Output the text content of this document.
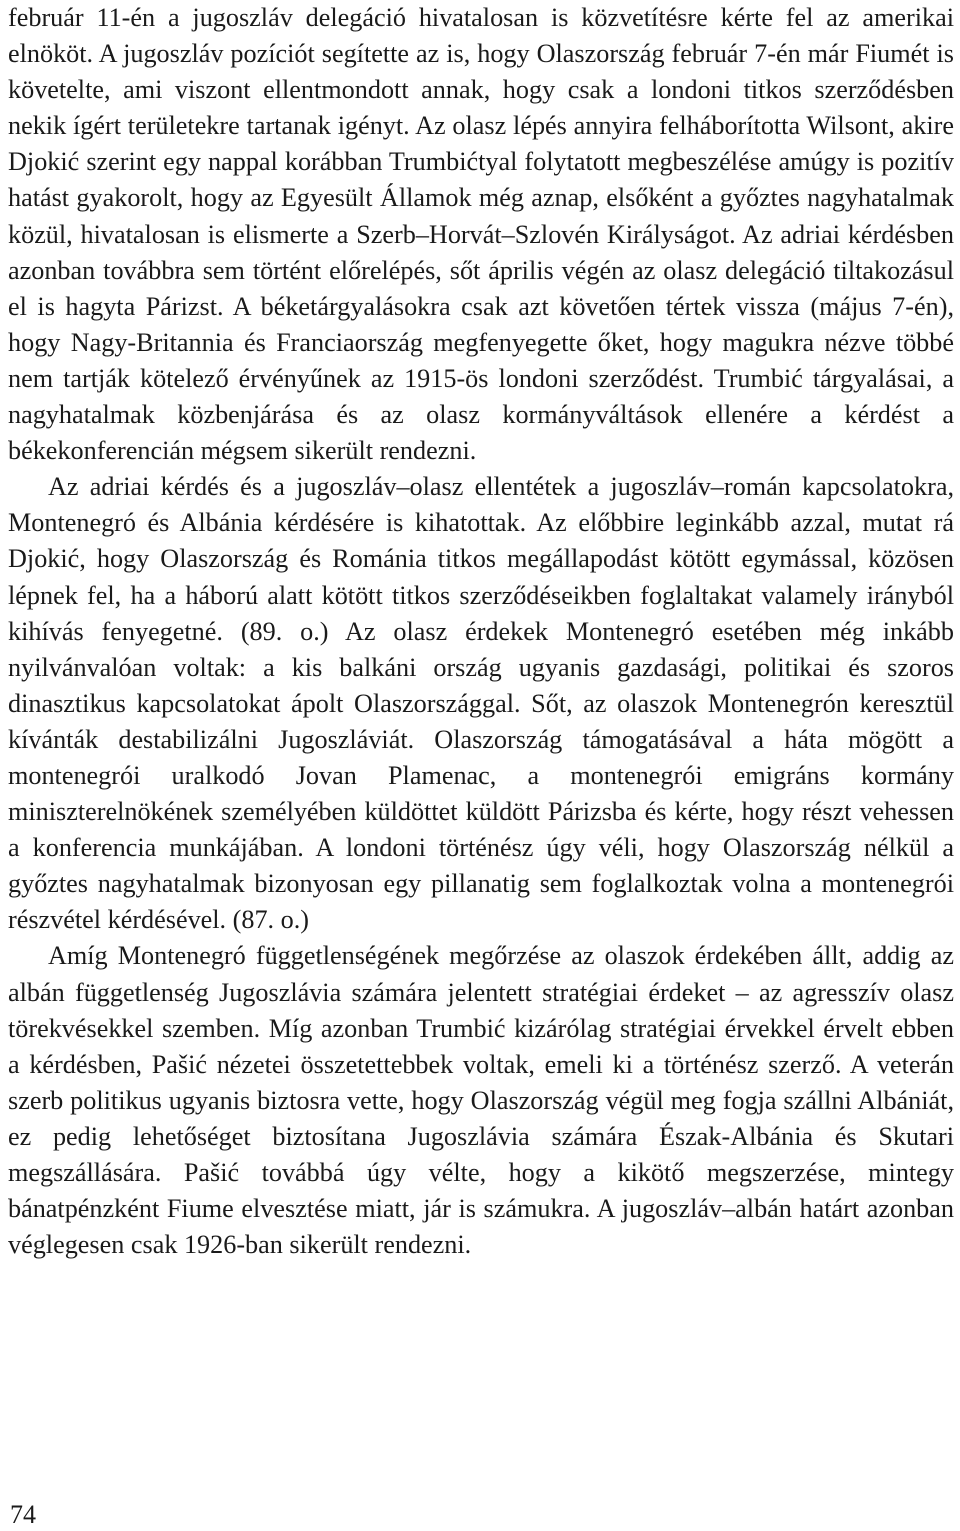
február 11-én a jugoszláv delegáció hivatalosan is közvetítésre kérte fel az amerikai elnököt. A jugoszláv pozíciót segítette az is, hogy Olaszország február 7-én már Fiumét is követelte, ami viszont ellentmondott annak, hogy csak a londoni titkos szerződésben nekik ígért területekre tartanak igényt. Az olasz lépés annyira felháborította Wilsont, akire Djokić szerint egy nappal korábban Trumbićtyal folytatott megbeszélése amúgy is pozitív hatást gyakorolt, hogy az Egyesült Államok még aznap, elsőként a győztes nagyhatalmak közül, hivatalosan is elismerte a Szerb–Horvát–Szlovén Királyságot. Az adriai kérdésben azonban továbbra sem történt előrelépés, sőt április végén az olasz delegáció tiltakozásul el is hagyta Párizst. A béketárgyalásokra csak azt követően tértek vissza (május 7-én), hogy Nagy-Britannia és Franciaország megfenyegette őket, hogy magukra nézve többé nem tartják kötelező érvényűnek az 1915-ös londoni szerződést. Trumbić tárgyalásai, a nagyhatalmak közbenjárása és az olasz kormányváltások ellenére a kérdést a békekonferencián mégsem sikerült rendezni.

Az adriai kérdés és a jugoszláv–olasz ellentétek a jugoszláv–román kapcsolatokra, Montenegró és Albánia kérdésére is kihatottak. Az előbbire leginkább azzal, mutat rá Djokić, hogy Olaszország és Románia titkos megállapodást kötött egymással, közösen lépnek fel, ha a háború alatt kötött titkos szerződéseikben foglaltakat valamely irányból kihívás fenyegetné. (89. o.) Az olasz érdekek Montenegró esetében még inkább nyilvánvalóan voltak: a kis balkáni ország ugyanis gazdasági, politikai és szoros dinasztikus kapcsolatokat ápolt Olaszországgal. Sőt, az olaszok Montenegrón keresztül kívánták destabilizálni Jugoszláviát. Olaszország támogatásával a háta mögött a montenegrói uralkodó Jovan Plamenac, a montenegrói emigráns kormány miniszterelnökének személyében küldöttet küldött Párizsba és kérte, hogy részt vehessen a konferencia munkájában. A londoni történész úgy véli, hogy Olaszország nélkül a győztes nagyhatalmak bizonyosan egy pillanatig sem foglalkoztak volna a montenegrói részvétel kérdésével. (87. o.)

Amíg Montenegró függetlenségének megőrzése az olaszok érdekében állt, addig az albán függetlenség Jugoszlávia számára jelentett stratégiai érdeket – az agresszív olasz törekvésekkel szemben. Míg azonban Trumbić kizárólag stratégiai érvekkel érvelt ebben a kérdésben, Pašić nézetei összetettebbek voltak, emeli ki a történész szerző. A veterán szerb politikus ugyanis biztosra vette, hogy Olaszország végül meg fogja szállni Albániát, ez pedig lehetőséget biztosítana Jugoszlávia számára Észak-Albánia és Skutari megszállására. Pašić továbbá úgy vélte, hogy a kikötő megszerzése, mintegy bánatpénzként Fiume elvesztése miatt, jár is számukra. A jugoszláv–albán határt azonban véglegesen csak 1926-ban sikerült rendezni.

74
